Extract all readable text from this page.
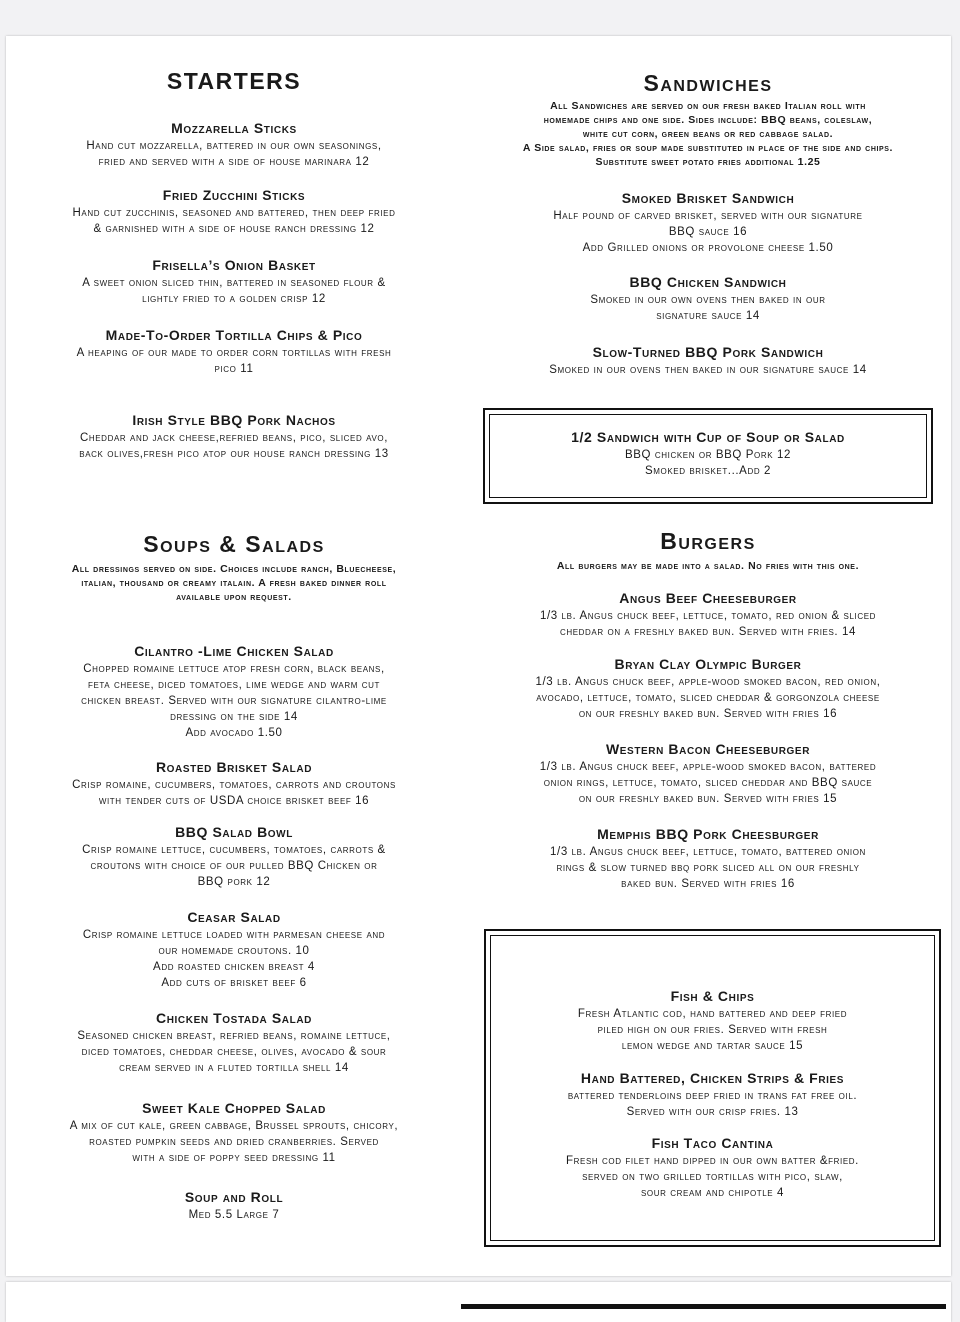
STARTERS

Mozzarella Sticks

Hand cut mozzarella, battered in our own seasonings,
fried and served with a side of house marinara 12

Fried Zucchini Sticks

Hand cut zucchinis, seasoned and battered, then deep fried
& garnished with a side of house ranch dressing 12

Frisella’s Onion Basket

A sweet onion sliced thin, battered in seasoned flour &
lightly fried to a golden crisp 12

Made-To-Order Tortilla Chips & Pico

A heaping of our made to order corn tortillas with fresh
pico 11

Irish Style BBQ Pork Nachos

Cheddar and jack cheese,refried beans, pico, sliced avo,
back olives,fresh pico atop our house ranch dressing 13

Soups & Salads

All dressings served on side. Choices include ranch, Bluecheese,
italian, thousand or creamy italain. A fresh baked dinner roll
available upon request.

Cilantro -Lime Chicken Salad

Chopped romaine lettuce atop fresh corn, black beans,
feta cheese, diced tomatoes, lime wedge and warm cut
chicken breast. Served with our signature cilantro-lime
dressing on the side 14
Add avocado 1.50

Roasted Brisket Salad

Crisp romaine, cucumbers, tomatoes, carrots and croutons
with tender cuts of USDA choice brisket beef 16

BBQ Salad Bowl

Crisp romaine lettuce, cucumbers, tomatoes, carrots &
croutons with choice of our pulled BBQ Chicken or
BBQ pork 12

Ceasar Salad

Crisp romaine lettuce loaded with parmesan cheese and
our homemade croutons. 10
Add roasted chicken breast 4
Add cuts of brisket beef 6

Chicken Tostada Salad

Seasoned chicken breast, refried beans, romaine lettuce,
diced tomatoes, cheddar cheese, olives, avocado & sour
cream served in a fluted tortilla shell 14

Sweet Kale Chopped Salad

A mix of cut kale, green cabbage, Brussel sprouts, chicory,
roasted pumpkin seeds and dried cranberries. Served
with a side of poppy seed dressing 11

Soup and Roll

Med 5.5 Large 7

Sandwiches

All Sandwiches are served on our fresh baked Italian roll with
homemade chips and one side. Sides include: BBQ beans, coleslaw,
white cut corn, green beans or red cabbage salad.
A Side salad, fries or soup made substituted in place of the side and chips.
Substitute sweet potato fries additional 1.25

Smoked Brisket Sandwich

Half pound of carved brisket, served with our signature
BBQ sauce 16
Add Grilled onions or provolone cheese 1.50

BBQ Chicken Sandwich

Smoked in our own ovens then baked in our
signature sauce 14

Slow-Turned BBQ Pork Sandwich

Smoked in our ovens then baked in our signature sauce 14

1/2 Sandwich with Cup of Soup or Salad

BBQ chicken or BBQ Pork 12
Smoked brisket...Add 2

Burgers

All burgers may be made into a salad. No fries with this one.

Angus Beef Cheeseburger

1/3 lb. Angus chuck beef, lettuce, tomato, red onion & sliced
cheddar on a freshly baked bun. Served with fries. 14

Bryan Clay Olympic Burger

1/3 lb. Angus chuck beef, apple-wood smoked bacon, red onion,
avocado, lettuce, tomato, sliced cheddar & gorgonzola cheese
on our freshly baked bun. Served with fries 16

Western Bacon Cheeseburger

1/3 lb. Angus chuck beef, apple-wood smoked bacon, battered
onion rings, lettuce, tomato, sliced cheddar and BBQ sauce
on our freshly baked bun. Served with fries 15

Memphis BBQ Pork Cheesburger

1/3 lb. Angus chuck beef, lettuce, tomato, battered onion
rings & slow turned bbq pork sliced all on our freshly
baked bun. Served with fries 16

Fish & Chips

Fresh Atlantic cod, hand battered and deep fried
piled high on our fries. Served with fresh
lemon wedge and tartar sauce 15

Hand Battered, Chicken Strips & Fries

battered tenderloins deep fried in trans fat free oil.
Served with our crisp fries. 13

Fish Taco Cantina

Fresh cod filet hand dipped in our own batter &fried.
served on two grilled tortillas with pico, slaw,
sour cream and chipotle 4
